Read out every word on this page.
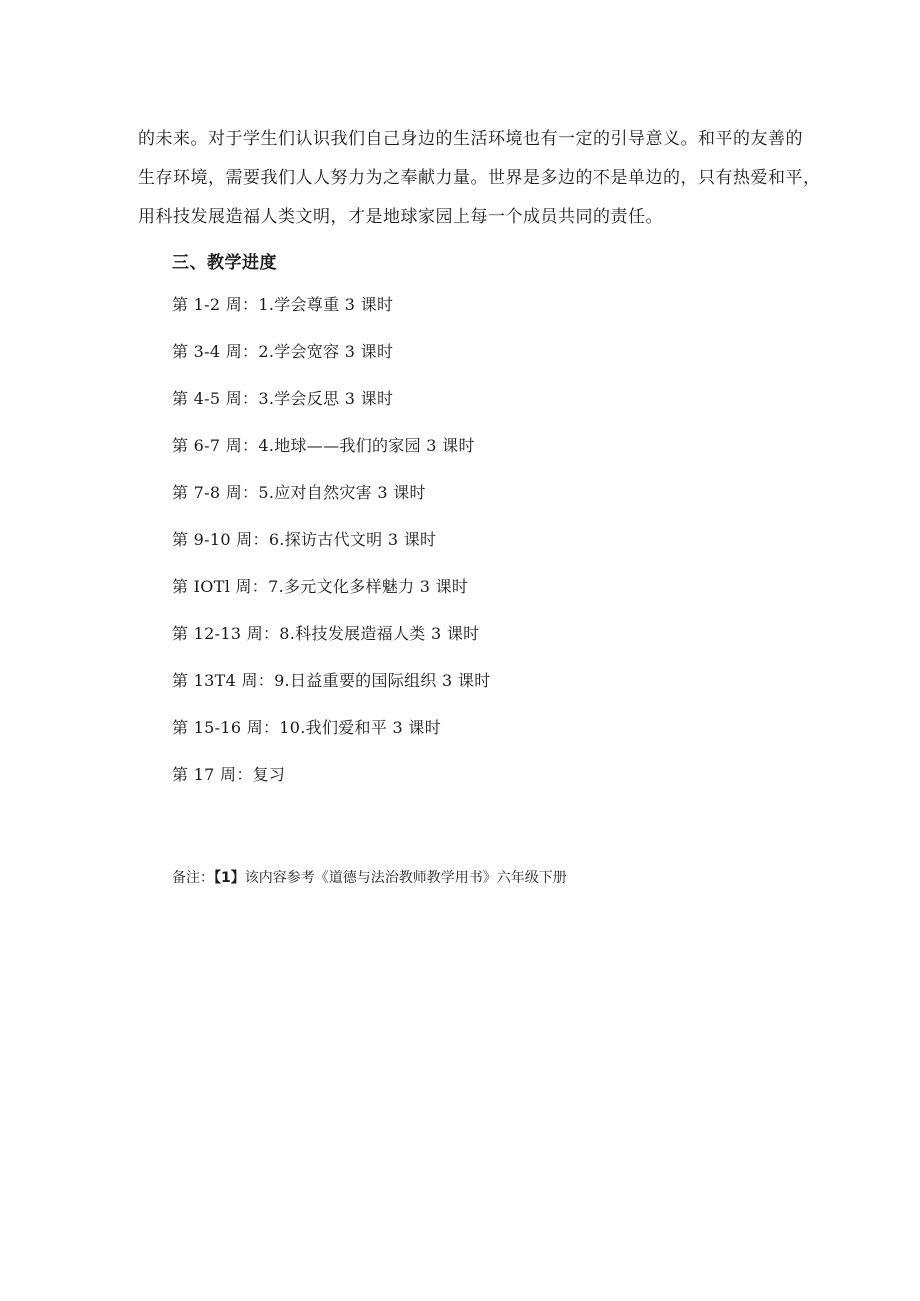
的未来。对于学生们认识我们自己身边的生活环境也有一定的引导意义。和平的友善的

生存环境，需要我们人人努力为之奉献力量。世界是多边的不是单边的，只有热爱和平，

用科技发展造福人类文明，才是地球家园上每一个成员共同的责任。

三、教学进度
第 1-2 周：1.学会尊重 3 课时
第 3-4 周：2.学会宽容 3 课时
第 4-5 周：3.学会反思 3 课时
第 6-7 周：4.地球——我们的家园 3 课时
第 7-8 周：5.应对自然灾害 3 课时
第 9-10 周：6.探访古代文明 3 课时
第 IOTl 周：7.多元文化多样魅力 3 课时
第 12-13 周：8.科技发展造福人类 3 课时
第 13T4 周：9.日益重要的国际组织 3 课时
第 15-16 周：10.我们爱和平 3 课时
第 17 周：复习

备注：【1】该内容参考《道德与法治教师教学用书》六年级下册
